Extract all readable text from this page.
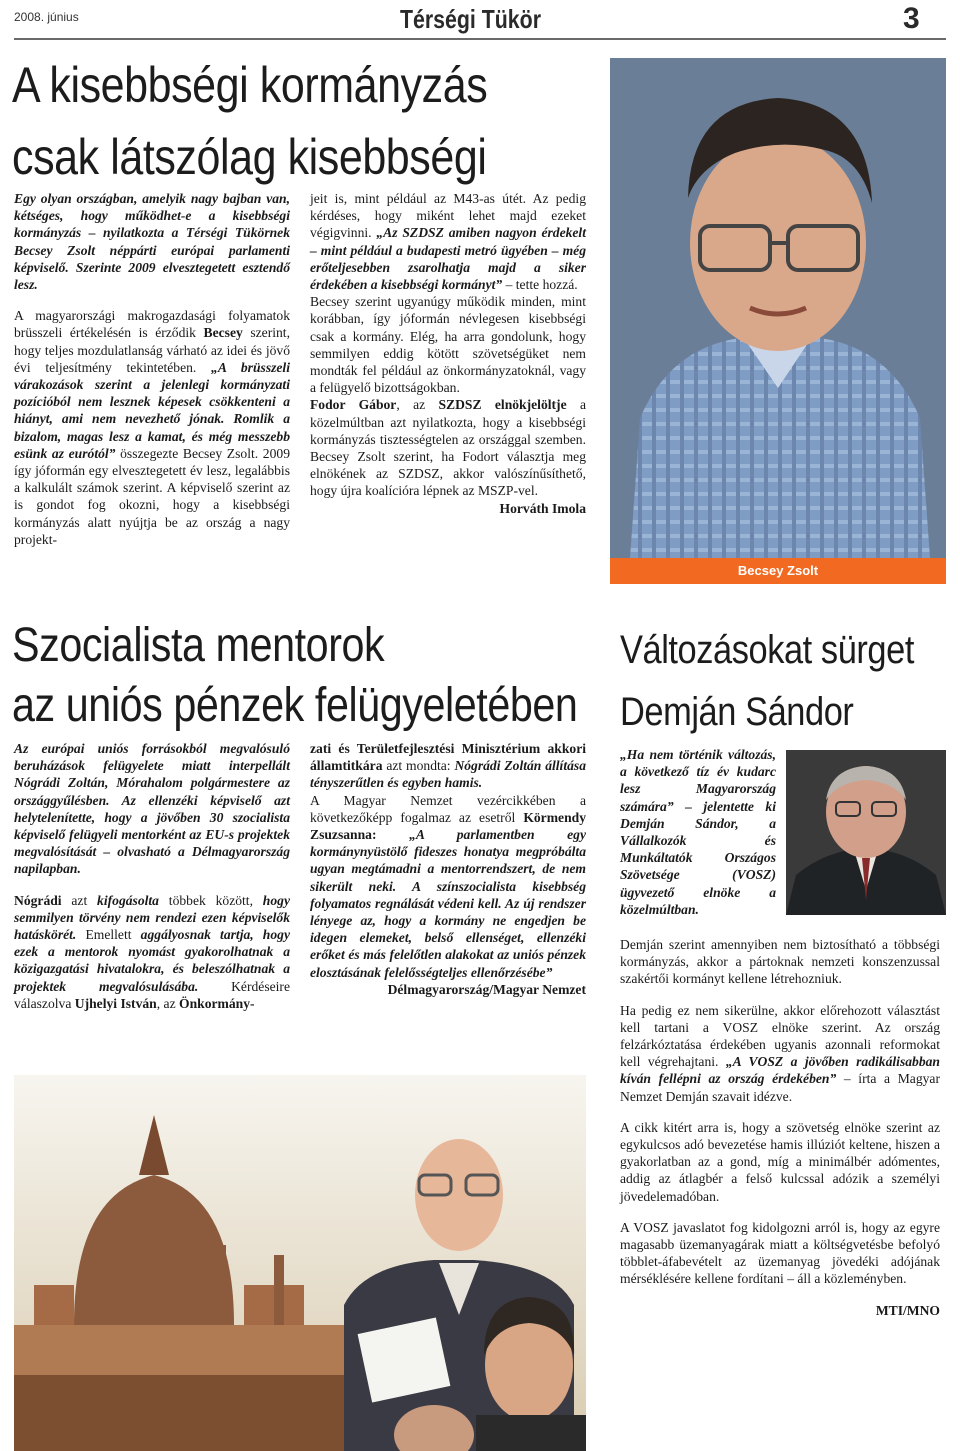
2008. június	Térségi Tükör	3
A kisebbségi kormányzás
csak látszólag kisebbségi

Egy olyan országban, amelyik nagy bajban van, kétséges, hogy működhet-e a kisebbségi kormányzás – nyilatkozta a Térségi Tükörnek Becsey Zsolt néppárti európai parlamenti képviselő. Szerinte 2009 elvesztegetett esztendő lesz.

A magyarországi makrogazdasági folyamatok brüsszeli értékelésén is érződik Becsey szerint, hogy teljes mozdulatlanság várható az idei és jövő évi teljesítmény tekintetében. „A brüsszeli várakozások szerint a jelenlegi kormányzati pozícióból nem lesznek képesek csökkenteni a hiányt, ami nem nevezhető jónak. Romlik a bizalom, magas lesz a kamat, és még messzebb esünk az eurótól” összegezte Becsey Zsolt. 2009 így jóformán egy elvesztegetett év lesz, legalábbis a kalkulált számok szerint. A képviselő szerint az is gondot fog okozni, hogy a kisebbségi kormányzás alatt nyújtja be az ország a nagy projekt-

jeit is, mint például az M43-as útét. Az pedig kérdéses, hogy miként lehet majd ezeket végigvinni. „Az SZDSZ amiben nagyon érdekelt – mint például a budapesti metró ügyében – még erőteljesebben zsarolhatja majd a siker érdekében a kisebbségi kormányt” – tette hozzá.

Becsey szerint ugyanúgy működik minden, mint korábban, így jóformán névlegesen kisebbségi csak a kormány. Elég, ha arra gondolunk, hogy semmilyen eddig kötött szövetségüket nem mondták fel például az önkormányzatoknál, vagy a felügyelő bizottságokban.

Fodor Gábor, az SZDSZ elnökjelöltje a közelmúltban azt nyilatkozta, hogy a kisebbségi kormányzás tisztességtelen az országgal szemben. Becsey Zsolt szerint, ha Fodort választja meg elnökének az SZDSZ, akkor valószínűsíthető, hogy újra koalícióra lépnek az MSZP-vel.

Horváth Imola

Becsey Zsolt
Szocialista mentorok
az uniós pénzek felügyeletében

Az európai uniós forrásokból megvalósuló beruházások felügyelete miatt interpellált Nógrádi Zoltán, Mórahalom polgármestere az országgyűlésben. Az ellenzéki képviselő azt helytelenítette, hogy a jövőben 30 szocialista képviselő felügyeli mentorként az EU-s projektek megvalósítását – olvasható a Délmagyarország napilapban.

Nógrádi azt kifogásolta többek között, hogy semmilyen törvény nem rendezi ezen képviselők hatáskörét. Emellett aggályosnak tartja, hogy ezek a mentorok nyomást gyakorolhatnak a közigazgatási hivatalokra, és beleszólhatnak a projektek megvalósulásába. Kérdéseire válaszolva Ujhelyi István, az Önkormány-

zati és Területfejlesztési Minisztérium akkori államtitkára azt mondta: Nógrádi Zoltán állítása tényszerűtlen és egyben hamis.

A Magyar Nemzet vezércikkében a következőképp fogalmaz az esetről Körmendy Zsuzsanna: „A parlamentben egy kormánynyüstölő fideszes honatya megpróbálta ugyan megtámadni a mentorrendszert, de nem sikerült neki. A színszocialista kisebbség folyamatos regnálását védeni kell. Az új rendszer lényege az, hogy a kormány ne engedjen be idegen elemeket, belső ellenséget, ellenzéki erőket és más felelőtlen alakokat az uniós pénzek elosztásának felelősségteljes ellenőrzésébe”

Délmagyarország/Magyar Nemzet

Változásokat sürget
Demján Sándor

„Ha nem történik változás, a következő tíz év kudarc lesz Magyarország számára” – jelentette ki Demján Sándor, a Vállalkozók és Munkáltatók Országos Szövetsége (VOSZ) ügyvezető elnöke a közelmúltban.

Demján szerint amennyiben nem biztosítható a többségi kormányzás, akkor a pártoknak nemzeti konszenzussal szakértői kormányt kellene létrehozniuk.

Ha pedig ez nem sikerülne, akkor előrehozott választást kell tartani a VOSZ elnöke szerint. Az ország felzárkóztatása érdekében ugyanis azonnali reformokat kell végrehajtani. „A VOSZ a jövőben radikálisabban kíván fellépni az ország érdekében” – írta a Magyar Nemzet Demján szavait idézve.

A cikk kitért arra is, hogy a szövetség elnöke szerint az egykulcsos adó bevezetése hamis illúziót keltene, hiszen a gyakorlatban az a gond, míg a minimálbér adómentes, addig az átlagbér a felső kulcssal adózik a személyi jövedelemadóban.

A VOSZ javaslatot fog kidolgozni arról is, hogy az egyre magasabb üzemanyagárak miatt a költségvetésbe befolyó többlet-áfabevételt az üzemanyag jövedéki adójának mérséklésére kellene fordítani – áll a közleményben.

MTI/MNO
